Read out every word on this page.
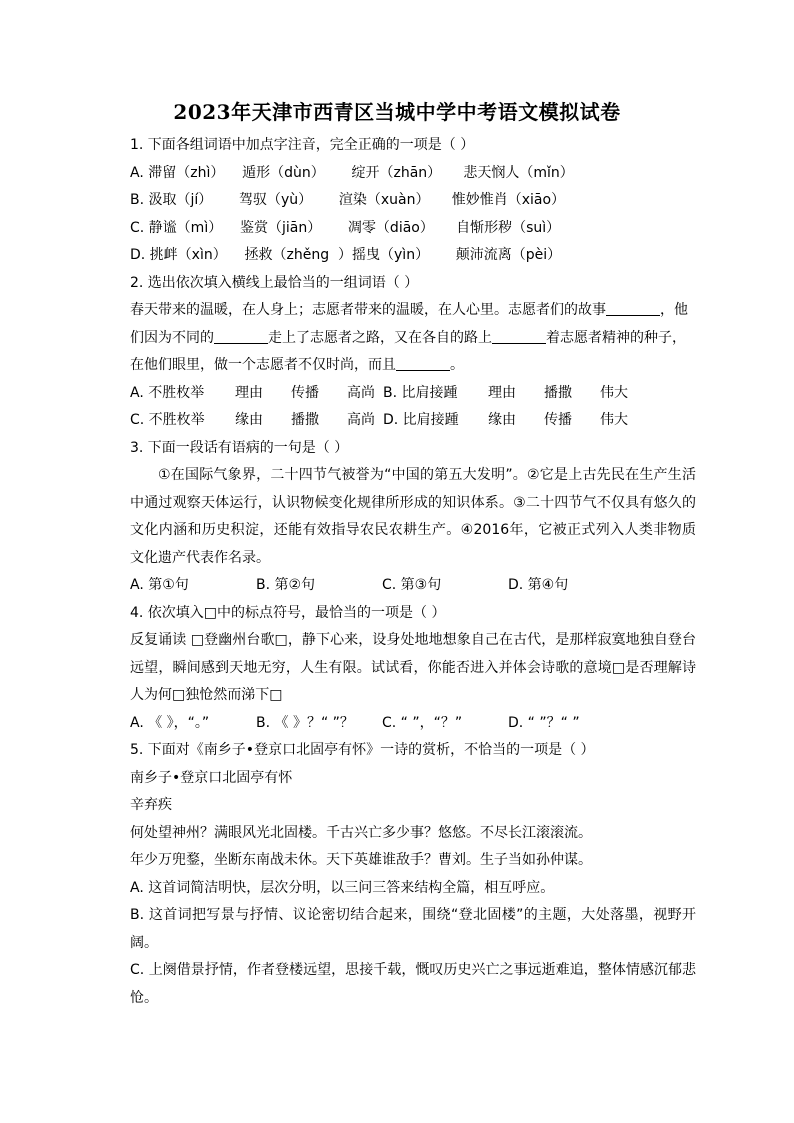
2023年天津市西青区当城中学中考语文模拟试卷

1. 下面各组词语中加点字注音，完全正确的一项是（ ）

A. 滞留（zhì）    遁形（dùn）      绽开（zhān）     悲天悯人（mǐn）

B. 汲取（jí）      驾驭（yù）      渲染（xuàn）     惟妙惟肖（xiāo）

C. 静谧（mì）    鉴赏（jiān）      凋零（diāo）     自惭形秽（suì）

D. 挑衅（xìn）    拯救（zhěng  ）摇曳（yìn）      颠沛流离（pèi）

2. 选出依次填入横线上最恰当的一组词语（ ）

春天带来的温暖，在人身上；志愿者带来的温暖，在人心里。志愿者们的故事	，他

们因为不同的	走上了志愿者之路，又在各自的路上	着志愿者精神的种子，

在他们眼里，做一个志愿者不仅时尚，而且	。

A. 不胜枚举	理由	传播	高尚 B. 比肩接踵	理由	播撒	伟大
C. 不胜枚举	缘由	播撒	高尚 D. 比肩接踵	缘由	传播	伟大

3. 下面一段话有语病的一句是（ ）

①在国际气象界，二十四节气被誉为“中国的第五大发明”。②它是上古先民在生产生活中通过观察天体运行，认识物候变化规律所形成的知识体系。③二十四节气不仅具有悠久的文化内涵和历史积淀，还能有效指导农民农耕生产。④2016年，它被正式列入人类非物质文化遗产代表作名录。

A. 第①句	B. 第②句	C. 第③句	D. 第④句

4. 依次填入□中的标点符号，最恰当的一项是（ ）

反复诵读 □登幽州台歌□，静下心来，设身处地地想象自己在古代，是那样寂寞地独自登台远望，瞬间感到天地无穷，人生有限。试试看，你能否进入并体会诗歌的意境□是否理解诗人为何□独怆然而涕下□

A. 《 》，“。”	B. 《 》？“ ”？ C. “ ”，“？”	D. “ ”？“ ”

5. 下面对《南乡子•登京口北固亭有怀》一诗的赏析，不恰当的一项是（ ）

南乡子•登京口北固亭有怀

辛弃疾

何处望神州？满眼风光北固楼。千古兴亡多少事？悠悠。不尽长江滚滚流。

年少万兜鍪，坐断东南战未休。天下英雄谁敌手？曹刘。生子当如孙仲谋。

A. 这首词简洁明快，层次分明，以三问三答来结构全篇，相互呼应。

B. 这首词把写景与抒情、议论密切结合起来，围绕“登北固楼”的主题，大处落墨，视野开阔。

C. 上阕借景抒情，作者登楼远望，思接千载，慨叹历史兴亡之事远逝难追，整体情感沉郁悲怆。
